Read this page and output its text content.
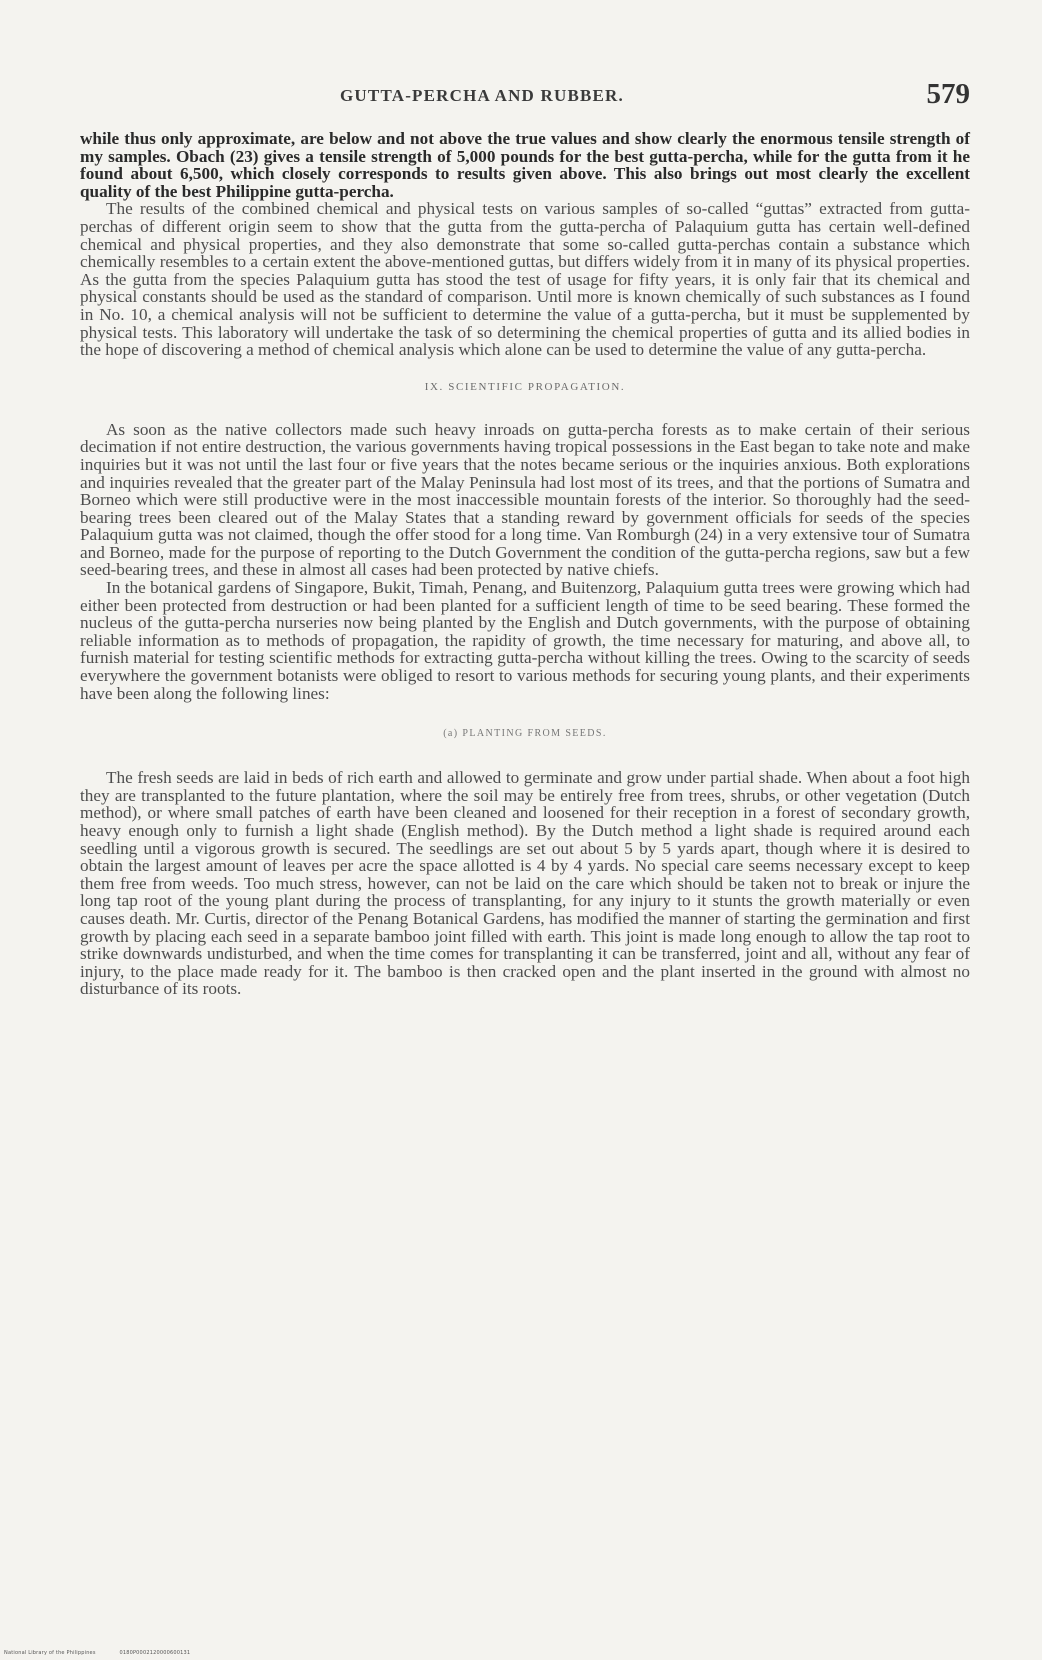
GUTTA-PERCHA AND RUBBER.	579

while thus only approximate, are below and not above the true values and show clearly the enormous tensile strength of my samples. Obach (23) gives a tensile strength of 5,000 pounds for the best gutta-percha, while for the gutta from it he found about 6,500, which closely corresponds to results given above. This also brings out most clearly the excellent quality of the best Philippine gutta-percha.

The results of the combined chemical and physical tests on various samples of so-called “guttas” extracted from gutta-perchas of different origin seem to show that the gutta from the gutta-percha of Palaquium gutta has certain well-defined chemical and physical properties, and they also demonstrate that some so-called gutta-perchas contain a substance which chemically resembles to a certain extent the above-mentioned guttas, but differs widely from it in many of its physical properties. As the gutta from the species Palaquium gutta has stood the test of usage for fifty years, it is only fair that its chemical and physical constants should be used as the standard of comparison. Until more is known chemically of such substances as I found in No. 10, a chemical analysis will not be sufficient to determine the value of a gutta-percha, but it must be supplemented by physical tests. This laboratory will undertake the task of so determining the chemical properties of gutta and its allied bodies in the hope of discovering a method of chemical analysis which alone can be used to determine the value of any gutta-percha.

IX. SCIENTIFIC PROPAGATION.

As soon as the native collectors made such heavy inroads on gutta-percha forests as to make certain of their serious decimation if not entire destruction, the various governments having tropical possessions in the East began to take note and make inquiries but it was not until the last four or five years that the notes became serious or the inquiries anxious. Both explorations and inquiries revealed that the greater part of the Malay Peninsula had lost most of its trees, and that the portions of Sumatra and Borneo which were still productive were in the most inaccessible mountain forests of the interior. So thoroughly had the seed-bearing trees been cleared out of the Malay States that a standing reward by government officials for seeds of the species Palaquium gutta was not claimed, though the offer stood for a long time. Van Romburgh (24) in a very extensive tour of Sumatra and Borneo, made for the purpose of reporting to the Dutch Government the condition of the gutta-percha regions, saw but a few seed-bearing trees, and these in almost all cases had been protected by native chiefs.

In the botanical gardens of Singapore, Bukit, Timah, Penang, and Buitenzorg, Palaquium gutta trees were growing which had either been protected from destruction or had been planted for a sufficient length of time to be seed bearing. These formed the nucleus of the gutta-percha nurseries now being planted by the English and Dutch governments, with the purpose of obtaining reliable information as to methods of propagation, the rapidity of growth, the time necessary for maturing, and above all, to furnish material for testing scientific methods for extracting gutta-percha without killing the trees. Owing to the scarcity of seeds everywhere the government botanists were obliged to resort to various methods for securing young plants, and their experiments have been along the following lines:

(a) PLANTING FROM SEEDS.

The fresh seeds are laid in beds of rich earth and allowed to germinate and grow under partial shade. When about a foot high they are transplanted to the future plantation, where the soil may be entirely free from trees, shrubs, or other vegetation (Dutch method), or where small patches of earth have been cleaned and loosened for their reception in a forest of secondary growth, heavy enough only to furnish a light shade (English method). By the Dutch method a light shade is required around each seedling until a vigorous growth is secured. The seedlings are set out about 5 by 5 yards apart, though where it is desired to obtain the largest amount of leaves per acre the space allotted is 4 by 4 yards. No special care seems necessary except to keep them free from weeds. Too much stress, however, can not be laid on the care which should be taken not to break or injure the long tap root of the young plant during the process of transplanting, for any injury to it stunts the growth materially or even causes death. Mr. Curtis, director of the Penang Botanical Gardens, has modified the manner of starting the germination and first growth by placing each seed in a separate bamboo joint filled with earth. This joint is made long enough to allow the tap root to strike downwards undisturbed, and when the time comes for transplanting it can be transferred, joint and all, without any fear of injury, to the place made ready for it. The bamboo is then cracked open and the plant inserted in the ground with almost no disturbance of its roots.

National Library of the Philippines	0180P0002120000600131
